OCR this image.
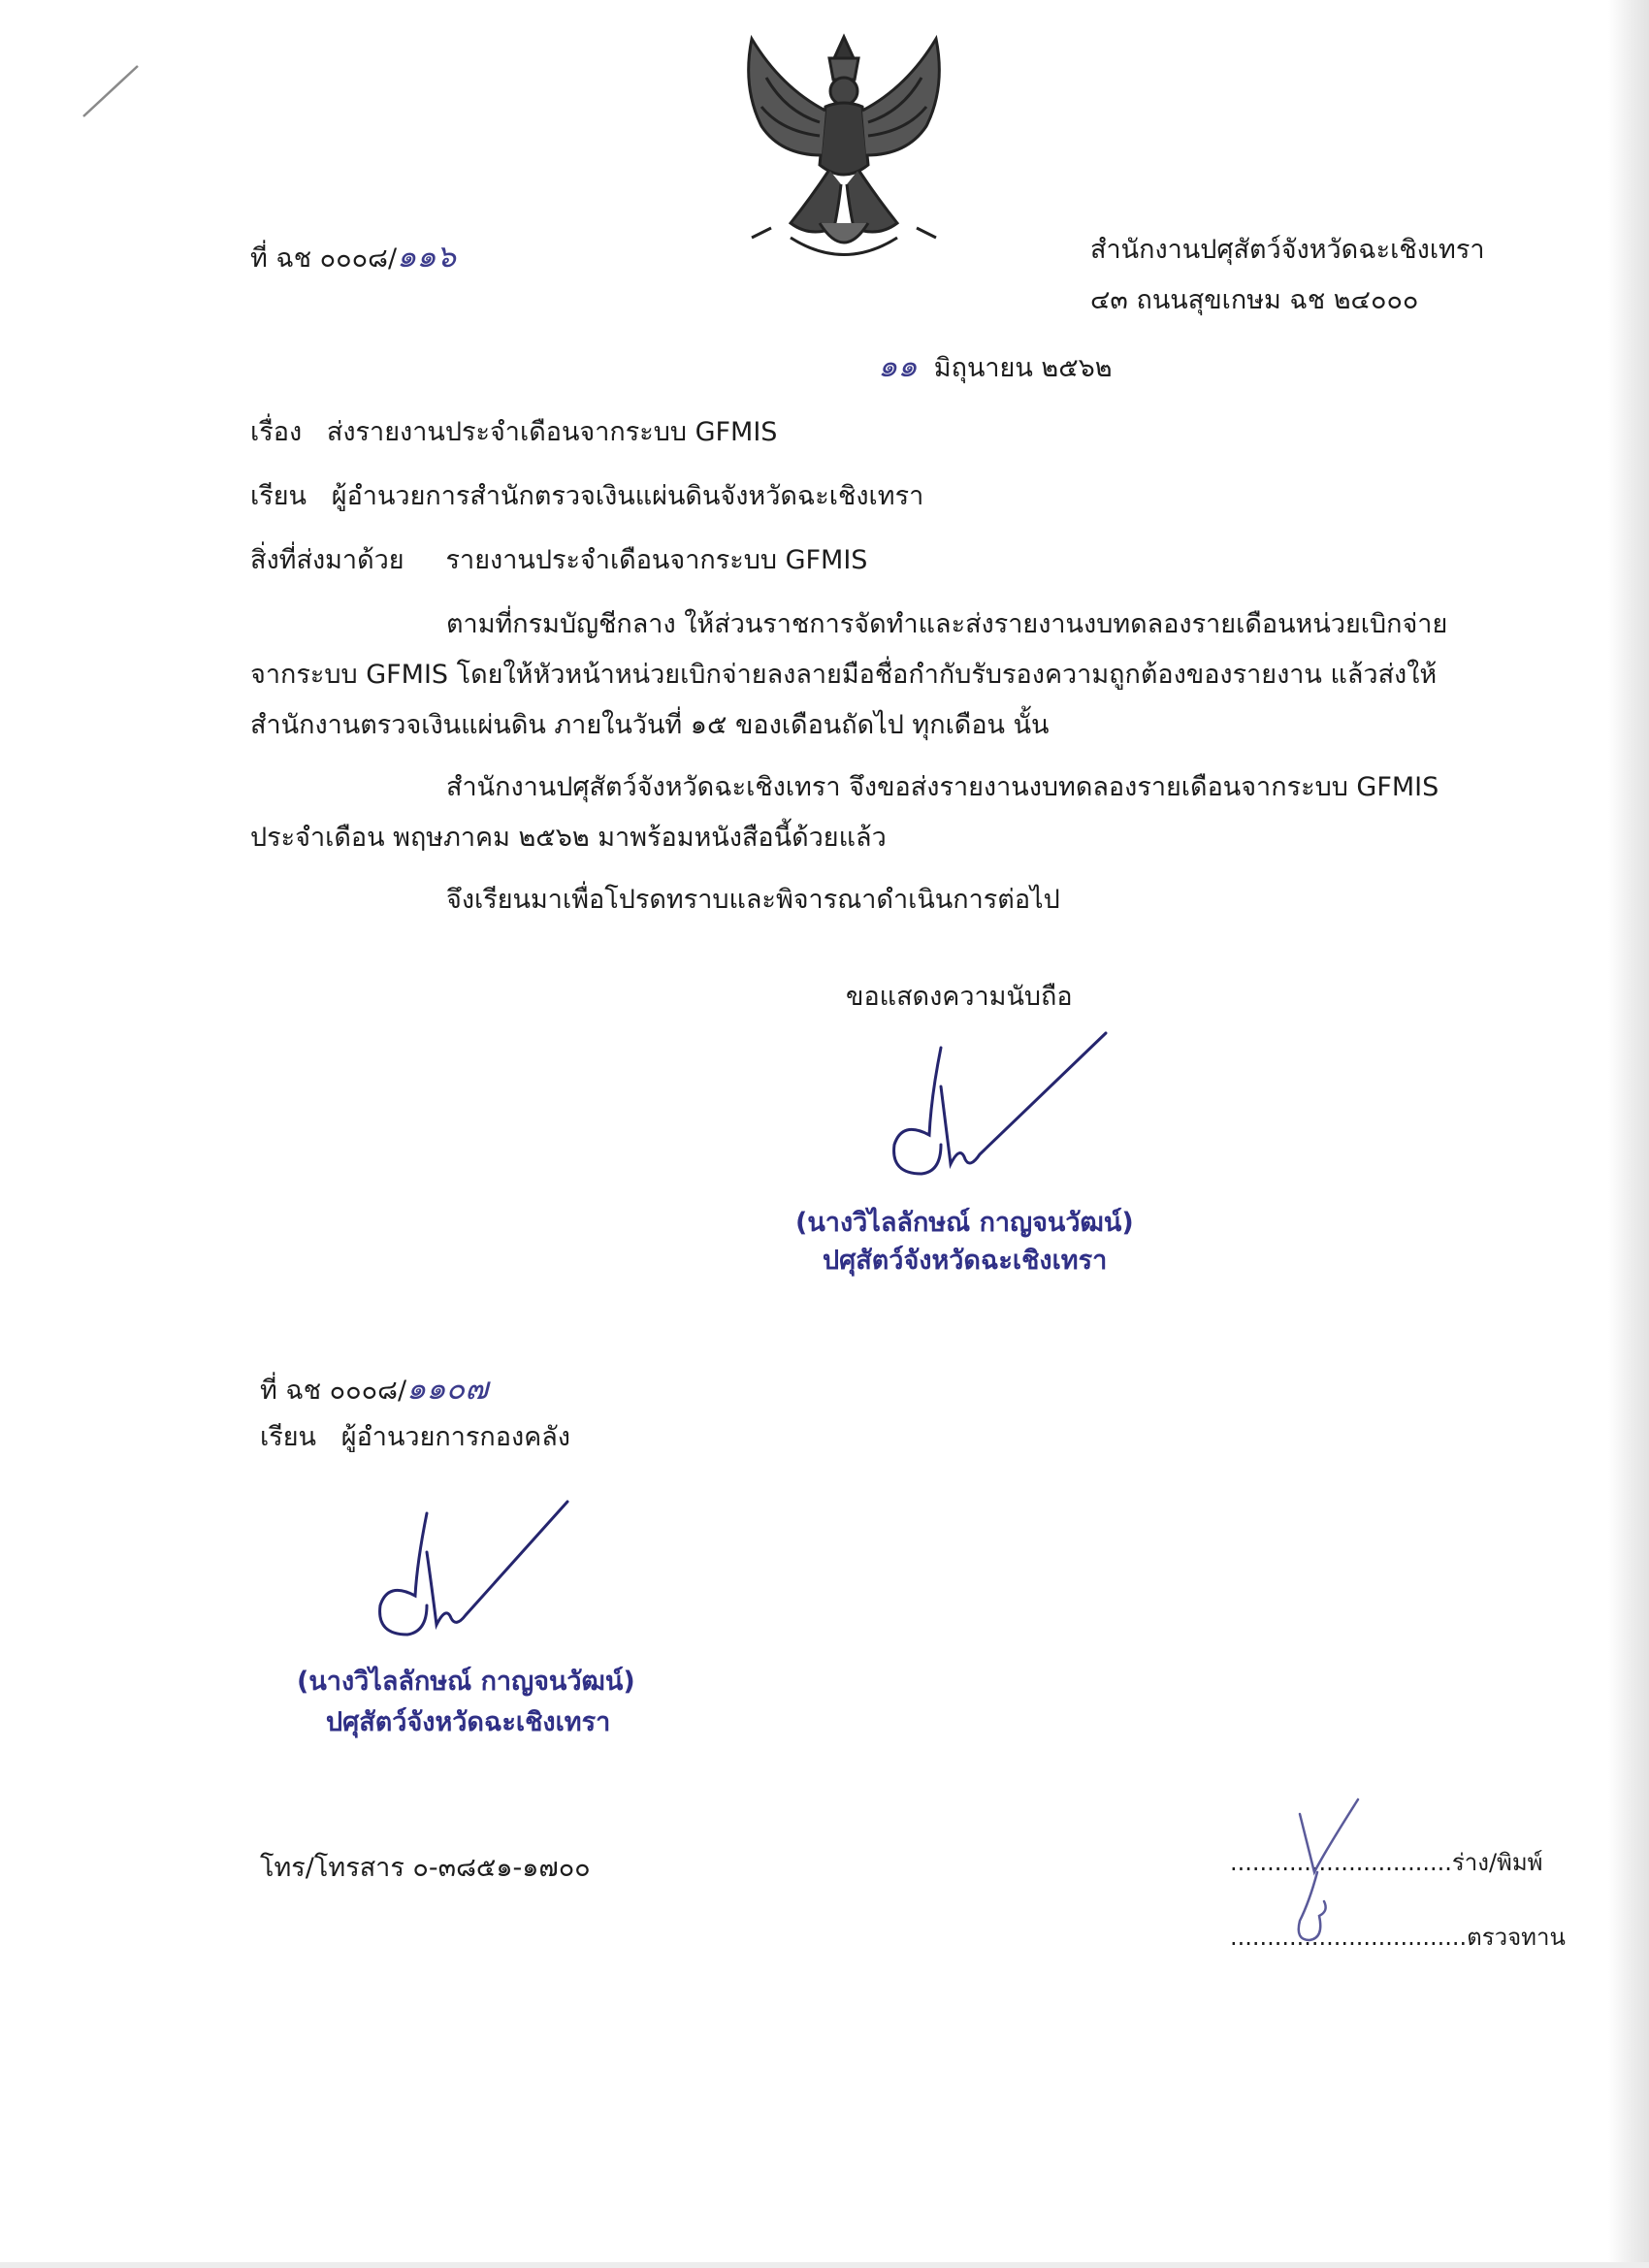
ที่ ฉช ๐๐๐๘/๑๑๖	สำนักงานปศุสัตว์จังหวัดฉะเชิงเทรา
๔๓ ถนนสุขเกษม ฉช ๒๔๐๐๐
๑๑ มิถุนายน ๒๕๖๒
เรื่อง ส่งรายงานประจำเดือนจากระบบ GFMIS
เรียน ผู้อำนวยการสำนักตรวจเงินแผ่นดินจังหวัดฉะเชิงเทรา
สิ่งที่ส่งมาด้วย รายงานประจำเดือนจากระบบ GFMIS
ตามที่กรมบัญชีกลาง ให้ส่วนราชการจัดทำและส่งรายงานงบทดลองรายเดือนหน่วยเบิกจ่าย
จากระบบ GFMIS โดยให้หัวหน้าหน่วยเบิกจ่ายลงลายมือชื่อกำกับรับรองความถูกต้องของรายงาน แล้วส่งให้
สำนักงานตรวจเงินแผ่นดิน ภายในวันที่ ๑๕ ของเดือนถัดไป ทุกเดือน นั้น
สำนักงานปศุสัตว์จังหวัดฉะเชิงเทรา จึงขอส่งรายงานงบทดลองรายเดือนจากระบบ GFMIS
ประจำเดือน พฤษภาคม ๒๕๖๒ มาพร้อมหนังสือนี้ด้วยแล้ว
จึงเรียนมาเพื่อโปรดทราบและพิจารณาดำเนินการต่อไป
ขอแสดงความนับถือ
(นางวิไลลักษณ์ กาญจนวัฒน์)
ปศุสัตว์จังหวัดฉะเชิงเทรา
ที่ ฉช ๐๐๐๘/๑๑๐๗
เรียน ผู้อำนวยการกองคลัง
(นางวิไลลักษณ์ กาญจนวัฒน์)
ปศุสัตว์จังหวัดฉะเชิงเทรา
โทร/โทรสาร ๐-๓๘๕๑-๑๗๐๐	..............................ร่าง/พิมพ์
................................ตรวจทาน
